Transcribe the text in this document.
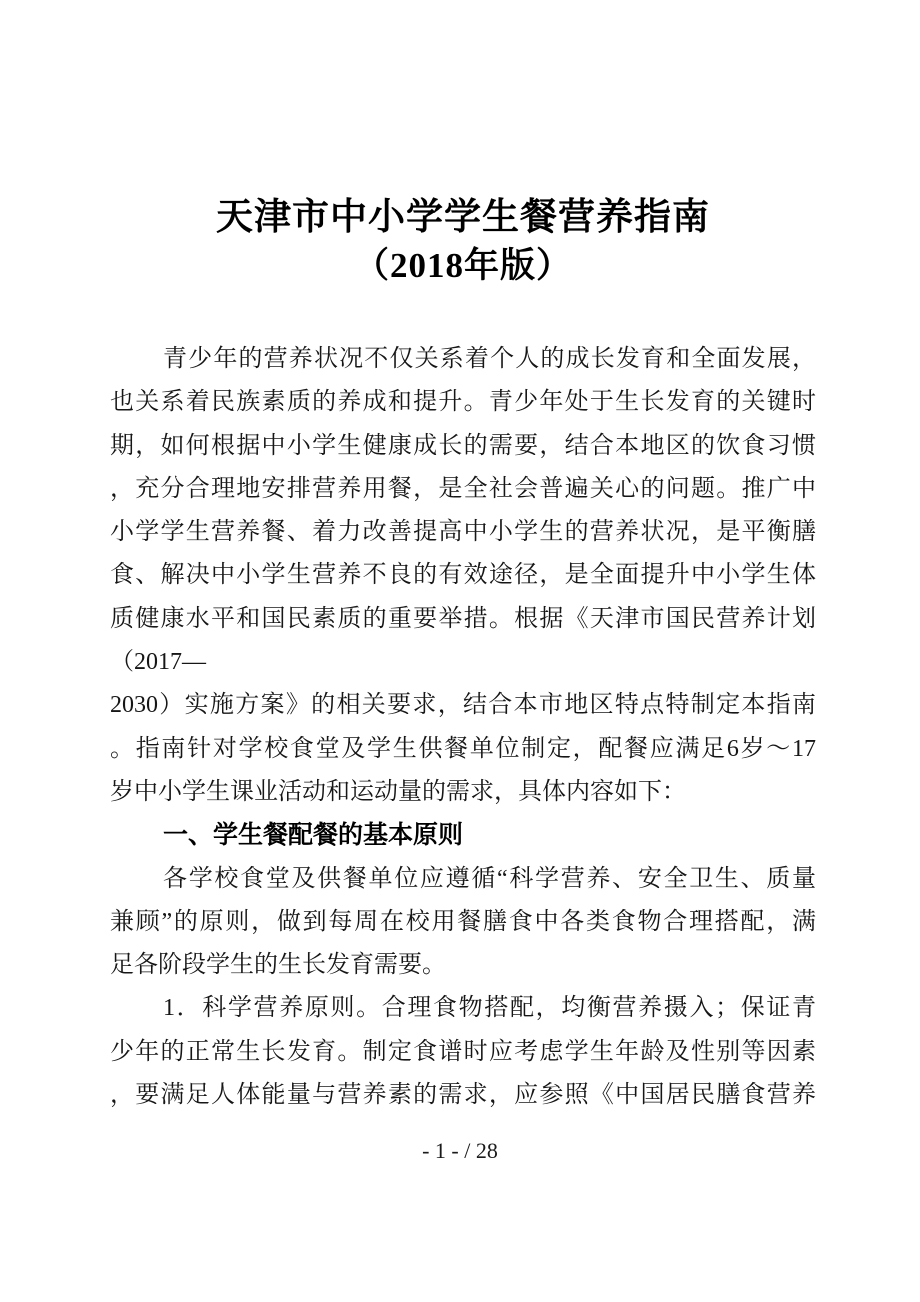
天津市中小学学生餐营养指南
（2018年版）
青少年的营养状况不仅关系着个人的成长发育和全面发展，
也关系着民族素质的养成和提升。青少年处于生长发育的关键时
期，如何根据中小学生健康成长的需要，结合本地区的饮食习惯
，充分合理地安排营养用餐，是全社会普遍关心的问题。推广中
小学学生营养餐、着力改善提高中小学生的营养状况，是平衡膳
食、解决中小学生营养不良的有效途径，是全面提升中小学生体
质健康水平和国民素质的重要举措。根据《天津市国民营养计划
（2017—
2030）实施方案》的相关要求，结合本市地区特点特制定本指南
。指南针对学校食堂及学生供餐单位制定，配餐应满足6岁～17
岁中小学生课业活动和运动量的需求，具体内容如下：
一、学生餐配餐的基本原则
各学校食堂及供餐单位应遵循“科学营养、安全卫生、质量
兼顾”的原则，做到每周在校用餐膳食中各类食物合理搭配，满
足各阶段学生的生长发育需要。
1．科学营养原则。合理食物搭配，均衡营养摄入；保证青
少年的正常生长发育。制定食谱时应考虑学生年龄及性别等因素
，要满足人体能量与营养素的需求，应参照《中国居民膳食营养
- 1 - / 28
